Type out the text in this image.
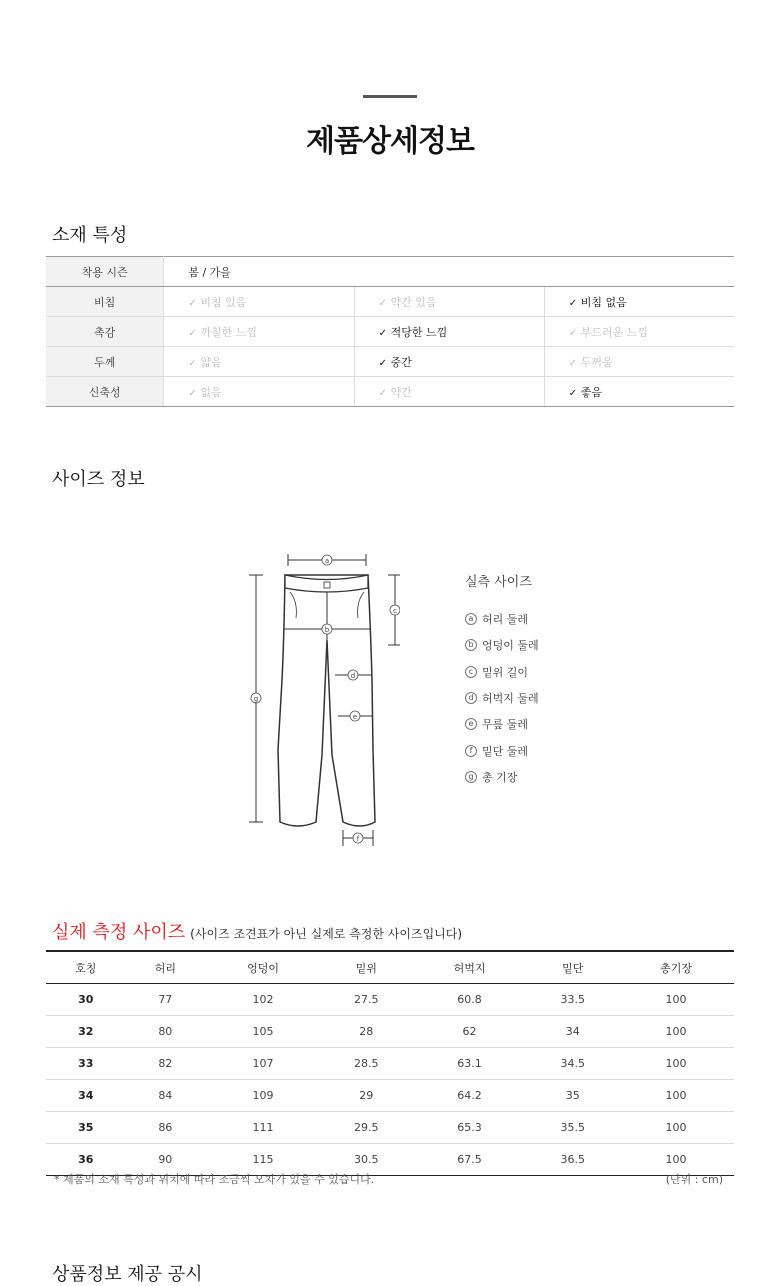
제품상세정보
소재 특성
착용 시즌	봄 / 가을		
비침	✓ 비침 있음	✓ 약간 있음	✓ 비침 없음
촉감	✓ 까칠한 느낌	✓ 적당한 느낌	✓ 부드러운 느낌
두께	✓ 얇음	✓ 중간	✓ 두꺼움
신축성	✓ 없음	✓ 약간	✓ 좋음
사이즈 정보
a
b
c
d
e
g
f
실측 사이즈
a 허리 둘레
b 엉덩이 둘레
c 밑위 길이
d 허벅지 둘레
e 무릎 둘레
f 밑단 둘레
g 총 기장
실제 측정 사이즈 (사이즈 조견표가 아닌 실제로 측정한 사이즈입니다)
호칭	허리	엉덩이	밑위	허벅지	밑단	총기장
30	77	102	27.5	60.8	33.5	100
32	80	105	28	62	34	100
33	82	107	28.5	63.1	34.5	100
34	84	109	29	64.2	35	100
35	86	111	29.5	65.3	35.5	100
36	90	115	30.5	67.5	36.5	100
* 제품의 소재 특성과 위치에 따라 조금씩 오차가 있을 수 있습니다.	(단위 : cm)
상품정보 제공 공시
